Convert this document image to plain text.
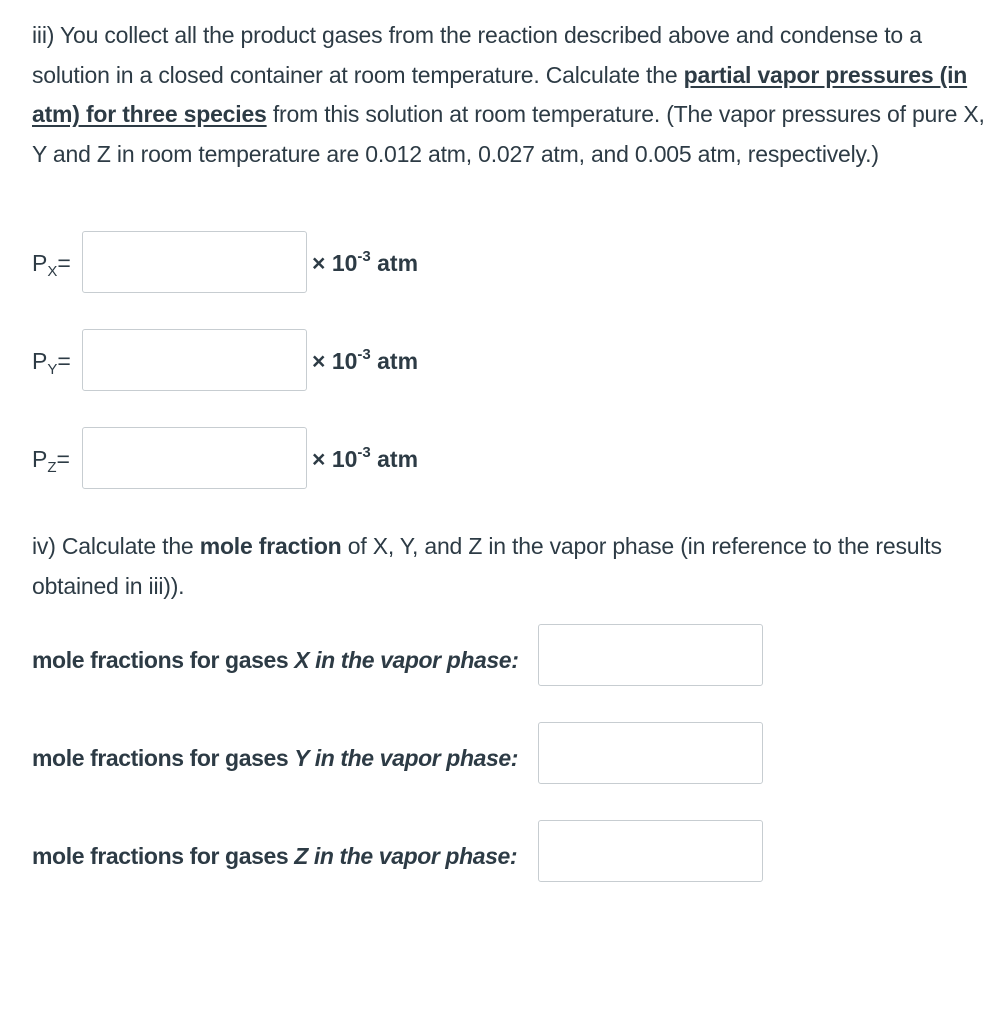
iii) You collect all the product gases from the reaction described above and condense to a solution in a closed container at room temperature. Calculate the partial vapor pressures (in atm) for three species from this solution at room temperature. (The vapor pressures of pure X, Y and Z in room temperature are 0.012 atm, 0.027 atm, and 0.005 atm, respectively.)
$P_X=$	× $10^{-3}$ atm
$P_Y=$	× $10^{-3}$ atm
$P_Z=$	× $10^{-3}$ atm
iv) Calculate the mole fraction of X, Y, and Z in the vapor phase (in reference to the results obtained in iii)).
mole fractions for gases X in the vapor phase:
mole fractions for gases Y in the vapor phase:
mole fractions for gases Z in the vapor phase:
